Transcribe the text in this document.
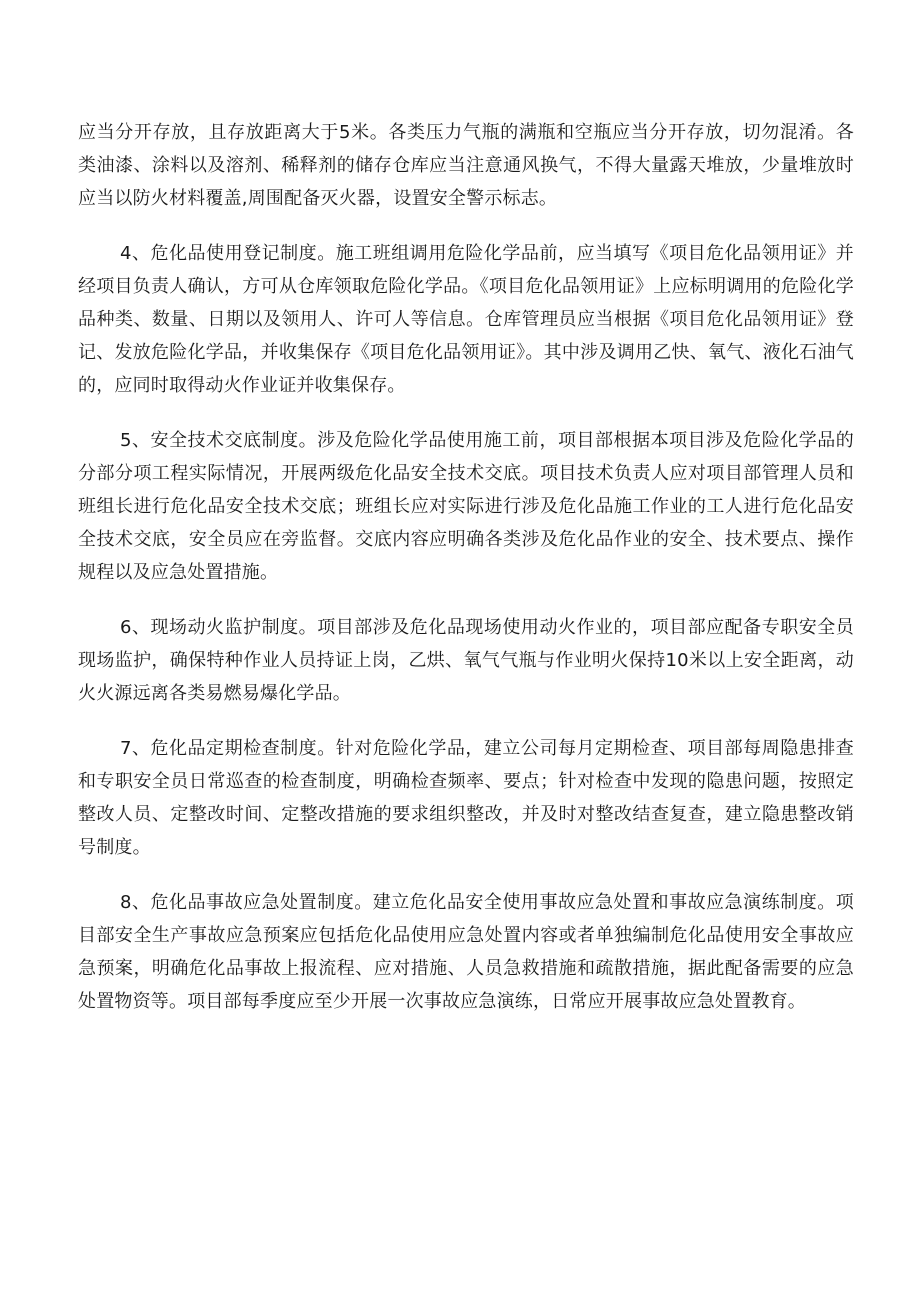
应当分开存放，且存放距离大于5米。各类压力气瓶的满瓶和空瓶应当分开存放，切勿混淆。各类油漆、涂料以及溶剂、稀释剂的储存仓库应当注意通风换气，不得大量露天堆放，少量堆放时应当以防火材料覆盖,周围配备灭火器，设置安全警示标志。

4、危化品使用登记制度。施工班组调用危险化学品前，应当填写《项目危化品领用证》并经项目负责人确认，方可从仓库领取危险化学品。《项目危化品领用证》上应标明调用的危险化学品种类、数量、日期以及领用人、许可人等信息。仓库管理员应当根据《项目危化品领用证》登记、发放危险化学品，并收集保存《项目危化品领用证》。其中涉及调用乙快、氧气、液化石油气的，应同时取得动火作业证并收集保存。

5、安全技术交底制度。涉及危险化学品使用施工前，项目部根据本项目涉及危险化学品的分部分项工程实际情况，开展两级危化品安全技术交底。项目技术负责人应对项目部管理人员和班组长进行危化品安全技术交底；班组长应对实际进行涉及危化品施工作业的工人进行危化品安全技术交底，安全员应在旁监督。交底内容应明确各类涉及危化品作业的安全、技术要点、操作规程以及应急处置措施。

6、现场动火监护制度。项目部涉及危化品现场使用动火作业的，项目部应配备专职安全员现场监护，确保特种作业人员持证上岗，乙烘、氧气气瓶与作业明火保持10米以上安全距离，动火火源远离各类易燃易爆化学品。

7、危化品定期检查制度。针对危险化学品，建立公司每月定期检查、项目部每周隐患排查和专职安全员日常巡查的检查制度，明确检查频率、要点；针对检查中发现的隐患问题，按照定整改人员、定整改时间、定整改措施的要求组织整改，并及时对整改结查复查，建立隐患整改销号制度。

8、危化品事故应急处置制度。建立危化品安全使用事故应急处置和事故应急演练制度。项目部安全生产事故应急预案应包括危化品使用应急处置内容或者单独编制危化品使用安全事故应急预案，明确危化品事故上报流程、应对措施、人员急救措施和疏散措施，据此配备需要的应急处置物资等。项目部每季度应至少开展一次事故应急演练，日常应开展事故应急处置教育。
